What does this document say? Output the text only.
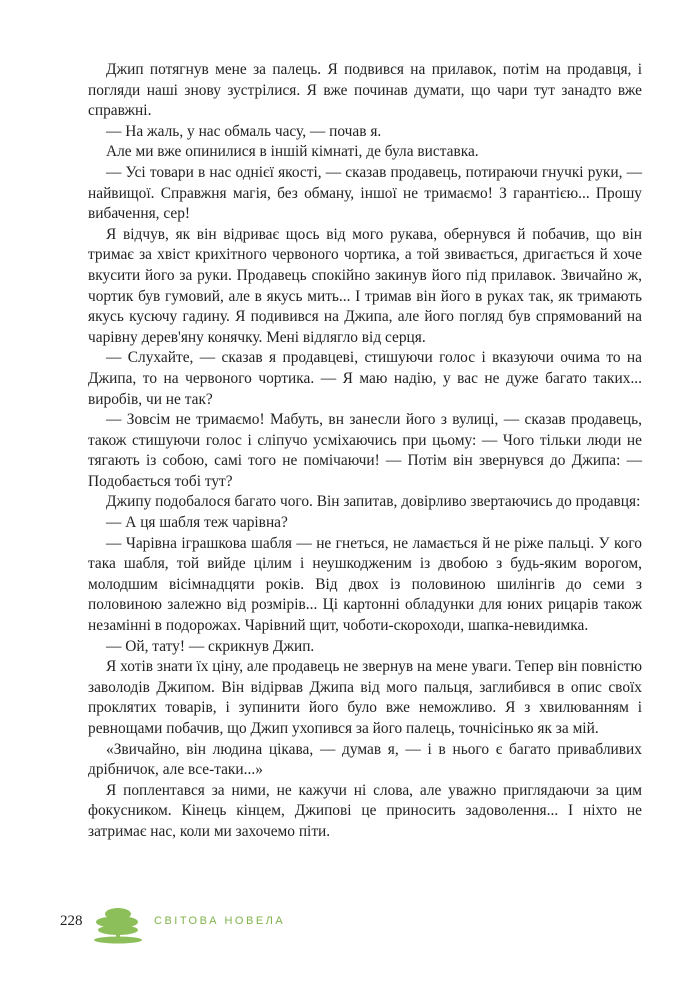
Джип потягнув мене за палець. Я подвився на прилавок, потім на продавця, і погляди наші знову зустрілися. Я вже починав думати, що чари тут занадто вже справжні.

— На жаль, у нас обмаль часу, — почав я.

Але ми вже опинилися в іншій кімнаті, де була виставка.

— Усі товари в нас однієї якості, — сказав продавець, потираючи гнучкі руки, — найвищої. Справжня магія, без обману, іншої не тримаємо! З гарантією... Прошу вибачення, сер!

Я відчув, як він відриває щось від мого рукава, обернувся й побачив, що він тримає за хвіст крихітного червоного чортика, а той звивається, дригається й хоче вкусити його за руки. Продавець спокійно закинув його під прилавок. Звичайно ж, чортик був гумовий, але в якусь мить... І тримав він його в руках так, як тримають якусь кусючу гадину. Я подивився на Джипа, але його погляд був спрямований на чарівну дерев'яну конячку. Мені відлягло від серця.

— Слухайте, — сказав я продавцеві, стишуючи голос і вказуючи очима то на Джипа, то на червоного чортика. — Я маю надію, у вас не дуже багато таких... виробів, чи не так?

— Зовсім не тримаємо! Мабуть, вн занесли його з вулиці, — сказав продавець, також стишуючи голос і сліпучо усміхаючись при цьому: — Чого тільки люди не тягають із собою, самі того не помічаючи! — Потім він звернувся до Джипа: — Подобається тобі тут?

Джипу подобалося багато чого. Він запитав, довірливо звертаючись до продавця:

— А ця шабля теж чарівна?

— Чарівна іграшкова шабля — не гнеться, не ламається й не ріже пальці. У кого така шабля, той вийде цілим і неушкодженим із двобою з будь-яким ворогом, молодшим вісімнадцяти років. Від двох із половиною шилінгів до семи з половиною залежно від розмірів... Ці картонні обладунки для юних рицарів також незамінні в подорожах. Чарівний щит, чоботи-скороходи, шапка-невидимка.

— Ой, тату! — скрикнув Джип.

Я хотів знати їх ціну, але продавець не звернув на мене уваги. Тепер він повністю заволодів Джипом. Він відірвав Джипа від мого пальця, заглибився в опис своїх проклятих товарів, і зупинити його було вже неможливо. Я з хвилюванням і ревнощами побачив, що Джип ухопився за його палець, точнісінько як за мій.

«Звичайно, він людина цікава, — думав я, — і в нього є багато привабливих дрібничок, але все-таки...»

Я поплентався за ними, не кажучи ні слова, але уважно приглядаючи за цим фокусником. Кінець кінцем, Джипові це приносить задоволення... І ніхто не затримає нас, коли ми захочемо піти.

228	СВІТОВА НОВЕЛА
